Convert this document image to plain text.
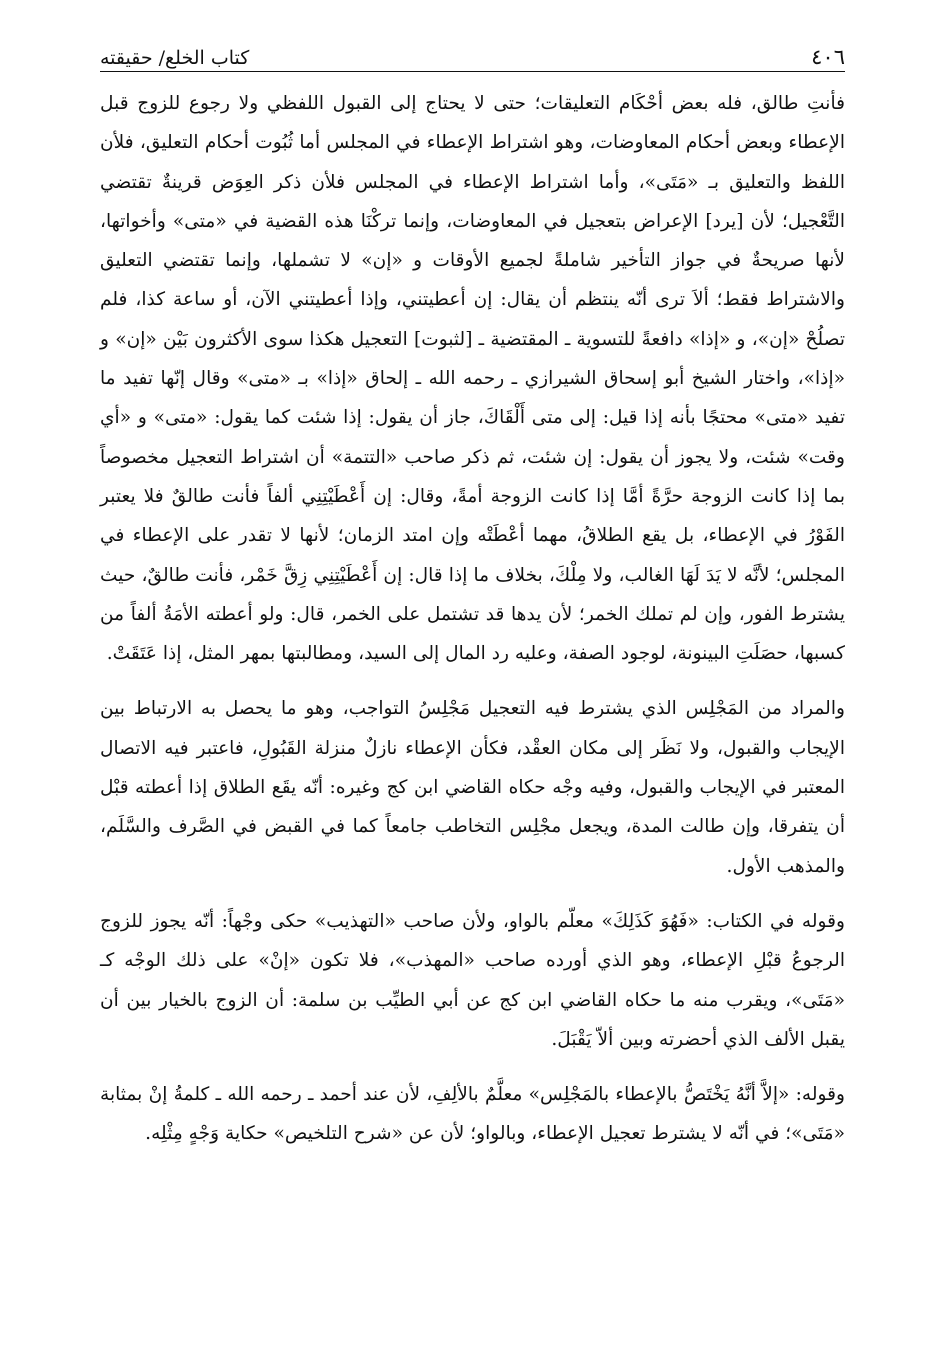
٤٠٦
كتاب الخلع/ حقيقته

فأنتِ طالق، فله بعض أحْكَام التعليقات؛ حتى لا يحتاج إلى القبول اللفظي ولا رجوع للزوج قبل الإعطاء وبعض أحكام المعاوضات، وهو اشتراط الإعطاء في المجلس أما ثُبُوت أحكام التعليق، فلأن اللفظ والتعليق بـ «مَتَى»، وأما اشتراط الإعطاء في المجلس فلأن ذكر العِوَض قرينةٌ تقتضي التَّعْجيل؛ لأن [يرد] الإعراض بتعجيل في المعاوضات، وإنما تركْنَا هذه القضية في «متى» وأخواتها، لأنها صريحةٌ في جواز التأخير شاملةً لجميع الأوقات و «إن» لا تشملها، وإنما تقتضي التعليق والاشتراط فقط؛ ألاَ ترى أنّه ينتظم أن يقال: إن أعطيتني، وإذا أعطيتني الآن، أو ساعة كذا، فلم تصلُحْ «إن»، و «إذا» دافعةً للتسوية ـ المقتضية ـ [لثبوت] التعجيل هكذا سوى الأكثرون بَيْن «إن» و «إذا»، واختار الشيخ أبو إسحاق الشيرازي ـ رحمه الله ـ إلحاق «إذا» بـ «متى» وقال إنّها تفيد ما تفيد «متى» محتجًا بأنه إذا قيل: إلى متى أَلْقَاكَ، جاز أن يقول: إذا شئت كما يقول: «متى» و «أي وقت» شئت، ولا يجوز أن يقول: إن شئت، ثم ذكر صاحب «التتمة» أن اشتراط التعجيل مخصوصاً بما إذا كانت الزوجة حرَّةً أمَّا إذا كانت الزوجة أمةً، وقال: إن أَعْطَيْتِنِي ألفاً فأنت طالقٌ فلا يعتبر الفَوْرُ في الإعطاء، بل يقع الطلاقُ، مهما أعْطَتْه وإن امتد الزمان؛ لأنها لا تقدر على الإعطاء في المجلس؛ لأنَّه لا يَدَ لَهَا الغالب، ولا مِلْكَ، بخلاف ما إذا قال: إن أَعْطَيْتِنِي زِقَّ خَمْر، فأنت طالقٌ، حيث يشترط الفور، وإن لم تملك الخمر؛ لأن يدها قد تشتمل على الخمر، قال: ولو أعطته الأمَةُ ألفاً من كسبها، حصَلَتِ البينونة، لوجود الصفة، وعليه رد المال إلى السيد، ومطالبتها بمهر المثل، إذا عَتَقَتْ.

والمراد من المَجْلِس الذي يشترط فيه التعجيل مَجْلِسُ التواجب، وهو ما يحصل به الارتباط بين الإيجاب والقبول، ولا نَظَر إلى مكان العقْد، فكأن الإعطاء نازلٌ منزلة القَبُولِ، فاعتبر فيه الاتصال المعتبر في الإيجاب والقبول، وفيه وجْه حكاه القاضي ابن كج وغيره: أنّه يقَع الطلاق إذا أعطته قبْل أن يتفرقا، وإن طالت المدة، ويجعل مجْلِس التخاطب جامعاً كما في القبض في الصَّرف والسَّلَم، والمذهب الأول.

وقوله في الكتاب: «فَهُوَ كَذَلِكَ» معلّم بالواو، ولأن صاحب «التهذيب» حكى وجْهاً: أنّه يجوز للزوج الرجوعُ قبْلِ الإعطاء، وهو الذي أورده صاحب «المهذب»، فلا تكون «إنْ» على ذلك الوجْه كـ «مَتَى»، ويقرب منه ما حكاه القاضي ابن كج عن أبي الطيِّب بن سلمة: أن الزوج بالخيار بين أن يقبل الألف الذي أحضرته وبين ألاّ يَقْبَلَ.

وقوله: «إلاَّ أنَّهُ يَخْتَصُّ بالإعطاء بالمَجْلِس» معلَّمٌ بالألِفِ، لأن عند أحمد ـ رحمه الله ـ كلمةُ إنْ بمثابة «مَتَى»؛ في أنّه لا يشترط تعجيل الإعطاء، وبالواو؛ لأن عن «شرح التلخيص» حكاية وَجْهٍ مِثْلِه.
